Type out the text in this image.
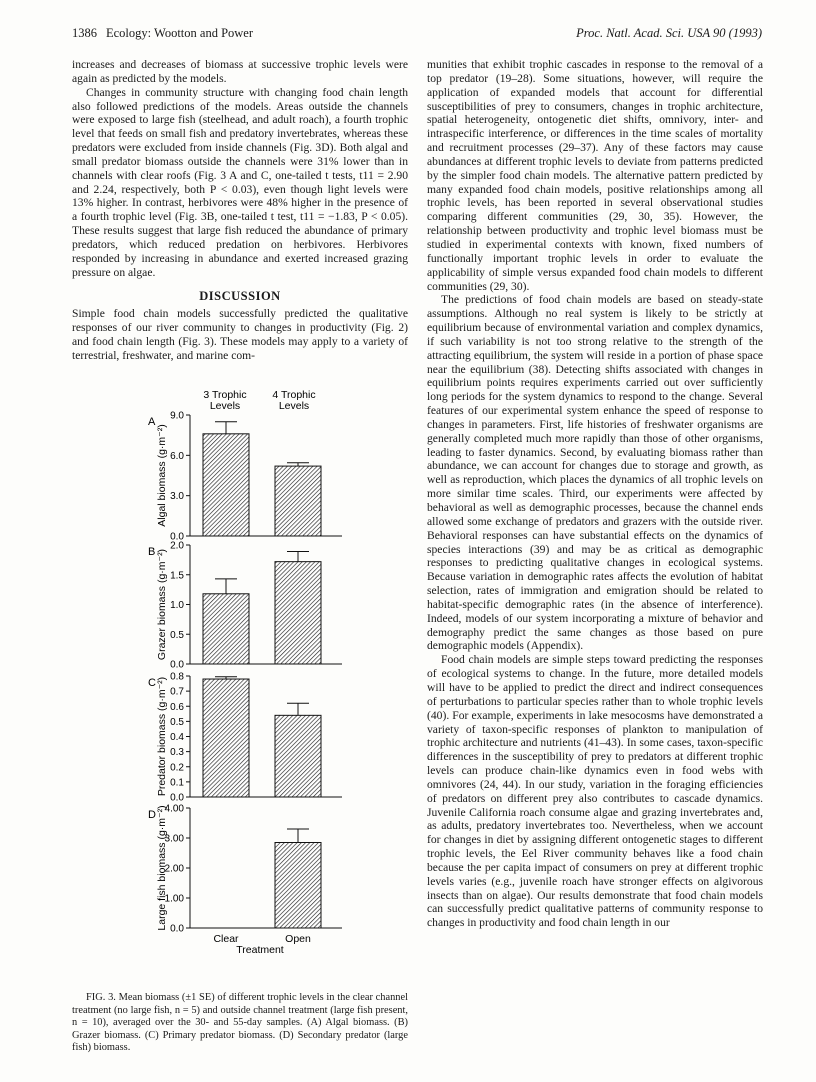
1386 Ecology: Wootton and Power	Proc. Natl. Acad. Sci. USA 90 (1993)

increases and decreases of biomass at successive trophic levels were again as predicted by the models.

Changes in community structure with changing food chain length also followed predictions of the models. Areas outside the channels were exposed to large fish (steelhead, and adult roach), a fourth trophic level that feeds on small fish and predatory invertebrates, whereas these predators were excluded from inside channels (Fig. 3D). Both algal and small predator biomass outside the channels were 31% lower than in channels with clear roofs (Fig. 3 A and C, one-tailed t tests, t11 = 2.90 and 2.24, respectively, both P < 0.03), even though light levels were 13% higher. In contrast, herbivores were 48% higher in the presence of a fourth trophic level (Fig. 3B, one-tailed t test, t11 = −1.83, P < 0.05). These results suggest that large fish reduced the abundance of primary predators, which reduced predation on herbivores. Herbivores responded by increasing in abundance and exerted increased grazing pressure on algae.

DISCUSSION

Simple food chain models successfully predicted the qualitative responses of our river community to changes in productivity (Fig. 2) and food chain length (Fig. 3). These models may apply to a variety of terrestrial, freshwater, and marine com-

munities that exhibit trophic cascades in response to the removal of a top predator (19–28). Some situations, however, will require the application of expanded models that account for differential susceptibilities of prey to consumers, changes in trophic architecture, spatial heterogeneity, ontogenetic diet shifts, omnivory, inter- and intraspecific interference, or differences in the time scales of mortality and recruitment processes (29–37). Any of these factors may cause abundances at different trophic levels to deviate from patterns predicted by the simpler food chain models. The alternative pattern predicted by many expanded food chain models, positive relationships among all trophic levels, has been reported in several observational studies comparing different communities (29, 30, 35). However, the relationship between productivity and trophic level biomass must be studied in experimental contexts with known, fixed numbers of functionally important trophic levels in order to evaluate the applicability of simple versus expanded food chain models to different communities (29, 30).

The predictions of food chain models are based on steady-state assumptions. Although no real system is likely to be strictly at equilibrium because of environmental variation and complex dynamics, if such variability is not too strong relative to the strength of the attracting equilibrium, the system will reside in a portion of phase space near the equilibrium (38). Detecting shifts associated with changes in equilibrium points requires experiments carried out over sufficiently long periods for the system dynamics to respond to the change. Several features of our experimental system enhance the speed of response to changes in parameters. First, life histories of freshwater organisms are generally completed much more rapidly than those of other organisms, leading to faster dynamics. Second, by evaluating biomass rather than abundance, we can account for changes due to storage and growth, as well as reproduction, which places the dynamics of all trophic levels on more similar time scales. Third, our experiments were affected by behavioral as well as demographic processes, because the channel ends allowed some exchange of predators and grazers with the outside river. Behavioral responses can have substantial effects on the dynamics of species interactions (39) and may be as critical as demographic responses to predicting qualitative changes in ecological systems. Because variation in demographic rates affects the evolution of habitat selection, rates of immigration and emigration should be related to habitat-specific demographic rates (in the absence of interference). Indeed, models of our system incorporating a mixture of behavior and demography predict the same changes as those based on pure demographic models (Appendix).

Food chain models are simple steps toward predicting the responses of ecological systems to change. In the future, more detailed models will have to be applied to predict the direct and indirect consequences of perturbations to particular species rather than to whole trophic levels (40). For example, experiments in lake mesocosms have demonstrated a variety of taxon-specific responses of plankton to manipulation of trophic architecture and nutrients (41–43). In some cases, taxon-specific differences in the susceptibility of prey to predators at different trophic levels can produce chain-like dynamics even in food webs with omnivores (24, 44). In our study, variation in the foraging efficiencies of predators on different prey also contributes to cascade dynamics. Juvenile California roach consume algae and grazing invertebrates and, as adults, predatory invertebrates too. Nevertheless, when we account for changes in diet by assigning different ontogenetic stages to different trophic levels, the Eel River community behaves like a food chain because the per capita impact of consumers on prey at different trophic levels varies (e.g., juvenile roach have stronger effects on algivorous insects than on algae). Our results demonstrate that food chain models can successfully predict qualitative patterns of community response to changes in productivity and food chain length in our

3 Trophic Levels
4 Trophic Levels
A
Algal biomass (g·m⁻²)
0.0
3.0
6.0
9.0
B Grazer biomass (g·m⁻²)
0.0
0.5
1.0
1.5
2.0
C Predator biomass (g·m⁻²)
0.0
0.1
0.2
0.3
0.4
0.5
0.6
0.7
0.8
D Large fish biomass (g·m⁻²) 0.0
1.00
2.00
3.00
4.00
Clear	Open
Treatment

FIG. 3. Mean biomass (±1 SE) of different trophic levels in the clear channel treatment (no large fish, n = 5) and outside channel treatment (large fish present, n = 10), averaged over the 30- and 55-day samples. (A) Algal biomass. (B) Grazer biomass. (C) Primary predator biomass. (D) Secondary predator (large fish) biomass.
